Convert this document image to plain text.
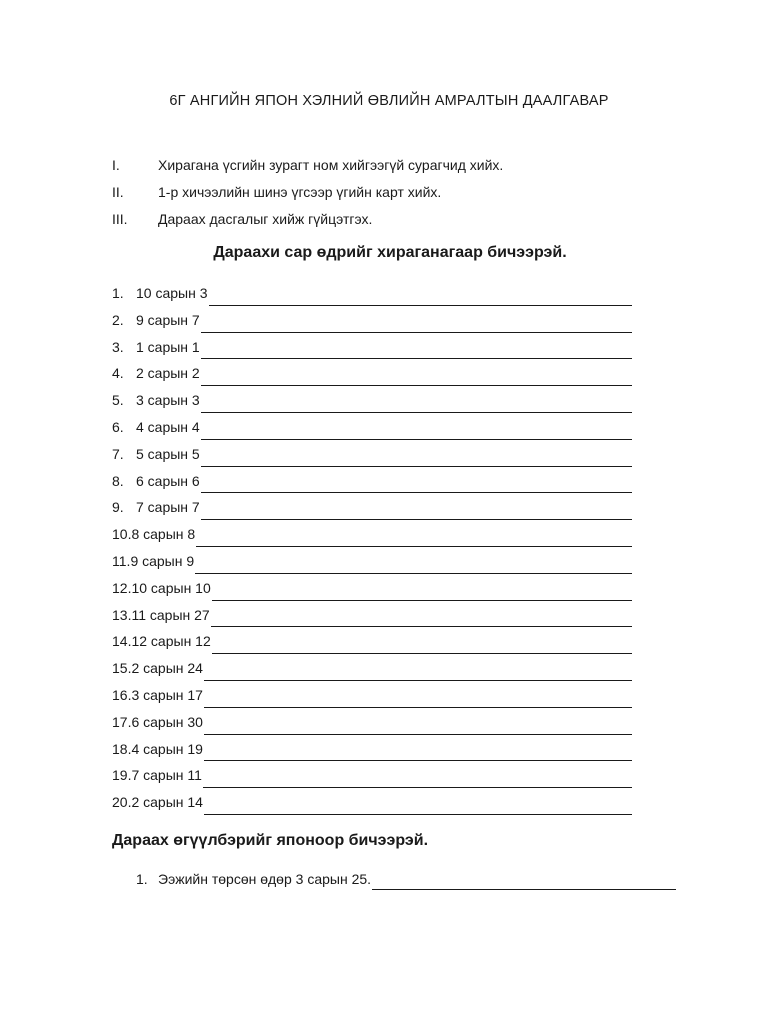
6Г АНГИЙН ЯПОН ХЭЛНИЙ ӨВЛИЙН АМРАЛТЫН ДААЛГАВАР
I.	Хирагана үсгийн зурагт ном хийгээгүй сурагчид хийх.
II.	1-р хичээлийн шинэ үгсээр үгийн карт хийх.
III.	Дараах дасгалыг хийж гүйцэтгэх.
Дараахи сар өдрийг хираганагаар бичээрэй.
1. 10 сарын 3
2. 9 сарын 7
3. 1 сарын 1
4. 2 сарын 2
5. 3 сарын 3
6. 4 сарын 4
7. 5 сарын 5
8. 6 сарын 6
9. 7 сарын 7
10. 8 сарын 8
11. 9 сарын 9
12. 10 сарын 10
13. 11 сарын 27
14. 12 сарын 12
15. 2 сарын 24
16. 3 сарын 17
17. 6 сарын 30
18. 4 сарын 19
19. 7 сарын 11
20. 2 сарын 14
Дараах өгүүлбэрийг японоор бичээрэй.
1. Ээжийн төрсөн өдөр 3 сарын 25.
